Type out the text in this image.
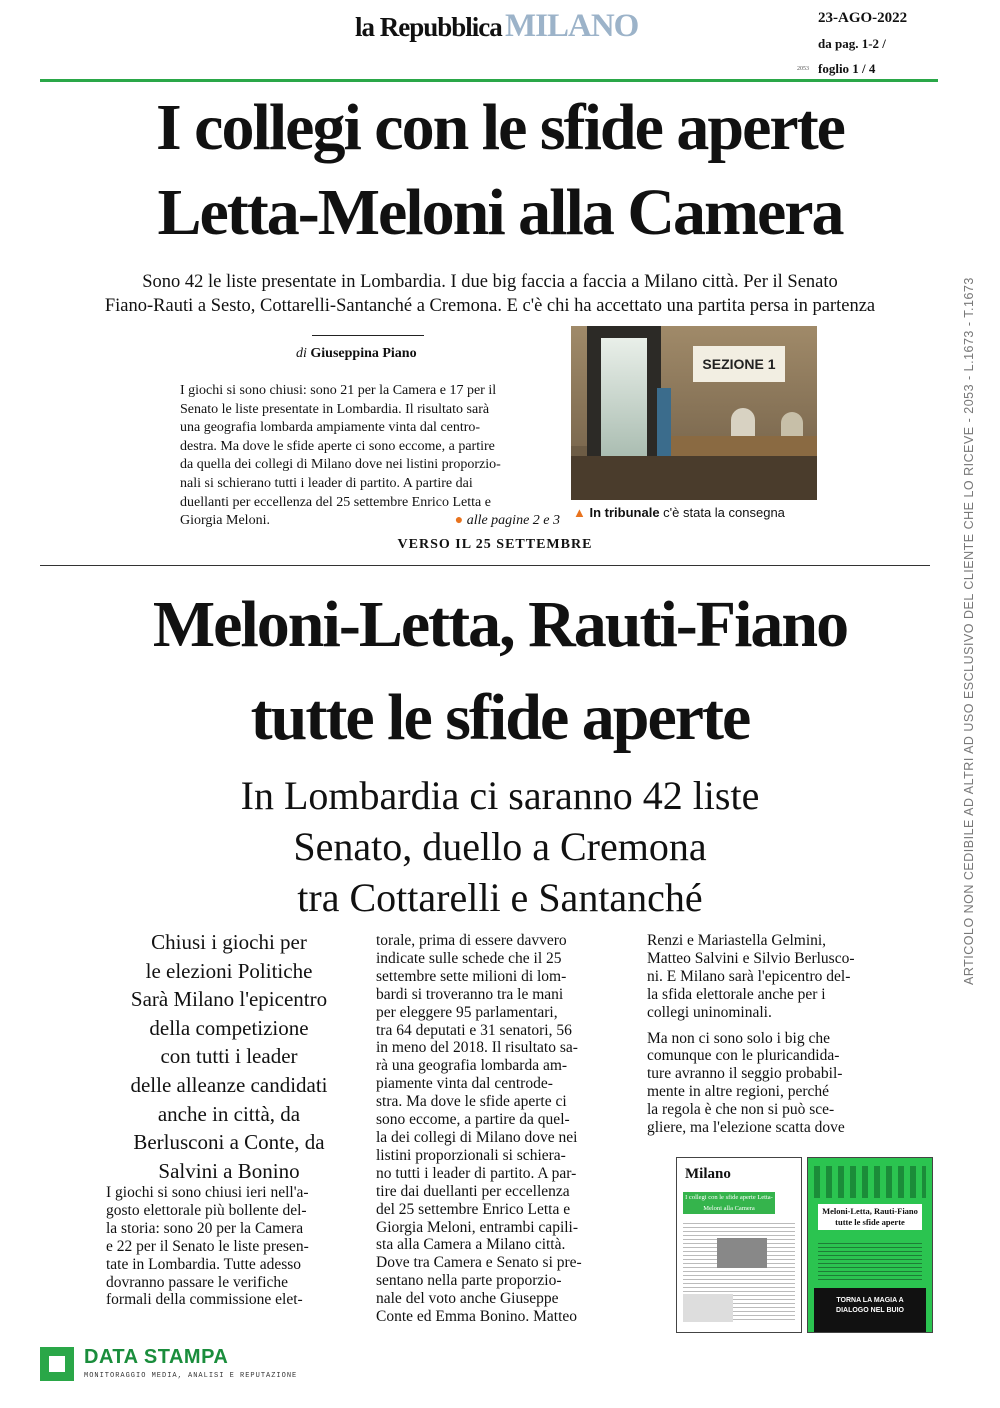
la Repubblica MILANO	23-AGO-2022
da pag. 1-2 /
2053 foglio 1 / 4
I collegi con le sfide aperte
Letta-Meloni alla Camera
Sono 42 le liste presentate in Lombardia. I due big faccia a faccia a Milano città. Per il Senato
Fiano-Rauti a Sesto, Cottarelli-Santanché a Cremona. E c'è chi ha accettato una partita persa in partenza
di Giuseppina Piano
I giochi si sono chiusi: sono 21 per la Camera e 17 per il
Senato le liste presentate in Lombardia. Il risultato sarà
una geografia lombarda ampiamente vinta dal centro-
destra. Ma dove le sfide aperte ci sono eccome, a partire
da quella dei collegi di Milano dove nei listini proporzio-
nali si schierano tutti i leader di partito. A partire dai
duellanti per eccellenza del 25 settembre Enrico Letta e
Giorgia Meloni.	● alle pagine 2 e 3
SEZIONE 1
▲ In tribunale c'è stata la consegna
VERSO IL 25 SETTEMBRE
Meloni-Letta, Rauti-Fiano
tutte le sfide aperte
In Lombardia ci saranno 42 liste
Senato, duello a Cremona
tra Cottarelli e Santanché
Chiusi i giochi per
le elezioni Politiche
Sarà Milano l'epicentro
della competizione
con tutti i leader
delle alleanze candidati
anche in città, da
Berlusconi a Conte, da
Salvini a Bonino
I giochi si sono chiusi ieri nell'a-
gosto elettorale più bollente del-
la storia: sono 20 per la Camera
e 22 per il Senato le liste presen-
tate in Lombardia. Tutte adesso
dovranno passare le verifiche
formali della commissione elet-
torale, prima di essere davvero
indicate sulle schede che il 25
settembre sette milioni di lom-
bardi si troveranno tra le mani
per eleggere 95 parlamentari,
tra 64 deputati e 31 senatori, 56
in meno del 2018. Il risultato sa-
rà una geografia lombarda am-
piamente vinta dal centrode-
stra. Ma dove le sfide aperte ci
sono eccome, a partire da quel-
la dei collegi di Milano dove nei
listini proporzionali si schiera-
no tutti i leader di partito. A par-
tire dai duellanti per eccellenza
del 25 settembre Enrico Letta e
Giorgia Meloni, entrambi capili-
sta alla Camera a Milano città.
Dove tra Camera e Senato si pre-
sentano nella parte proporzio-
nale del voto anche Giuseppe
Conte ed Emma Bonino. Matteo
Renzi e Mariastella Gelmini,
Matteo Salvini e Silvio Berlusco-
ni. E Milano sarà l'epicentro del-
la sfida elettorale anche per i
collegi uninominali.
Ma non ci sono solo i big che
comunque con le pluricandida-
ture avranno il seggio probabil-
mente in altre regioni, perché
la regola è che non si può sce-
gliere, ma l'elezione scatta dove
Milano
I collegi con le sfide aperte Letta-Meloni alla Camera	Meloni-Letta, Rauti-Fiano tutte le sfide aperte
TORNA LA MAGIA A
DIALOGO NEL BUIO
DATA STAMPA
MONITORAGGIO MEDIA, ANALISI E REPUTAZIONE
ARTICOLO NON CEDIBILE AD ALTRI AD USO ESCLUSIVO DEL CLIENTE CHE LO RICEVE - 2053 - L.1673 - T.1673
